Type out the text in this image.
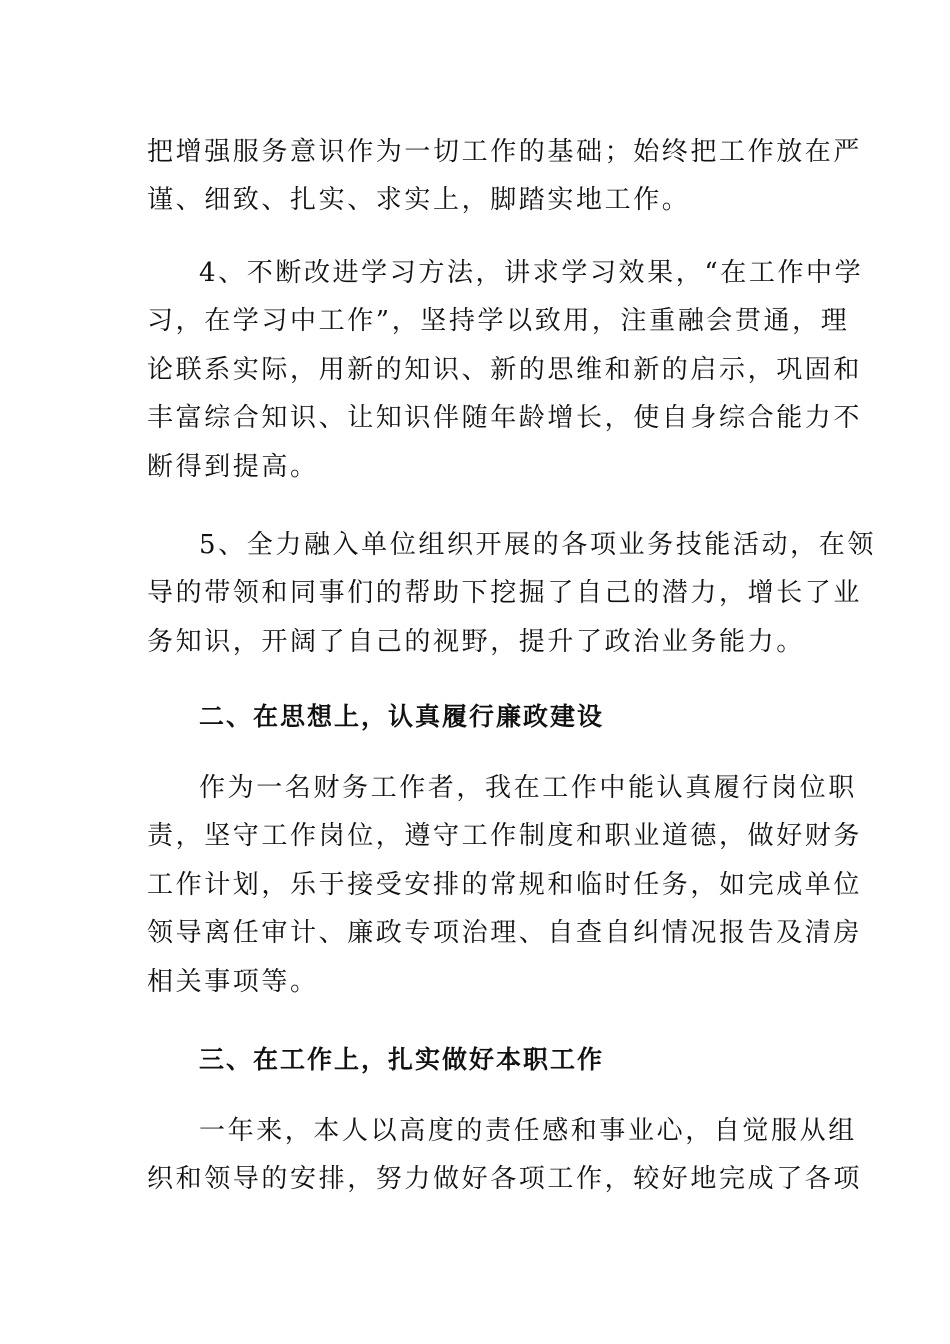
把增强服务意识作为一切工作的基础；始终把工作放在严
谨、细致、扎实、求实上，脚踏实地工作。

4、不断改进学习方法，讲求学习效果，“在工作中学
习，在学习中工作”，坚持学以致用，注重融会贯通，理
论联系实际，用新的知识、新的思维和新的启示，巩固和
丰富综合知识、让知识伴随年龄增长，使自身综合能力不
断得到提高。

5、全力融入单位组织开展的各项业务技能活动，在领
导的带领和同事们的帮助下挖掘了自己的潜力，增长了业
务知识，开阔了自己的视野，提升了政治业务能力。

二、在思想上，认真履行廉政建设

作为一名财务工作者，我在工作中能认真履行岗位职
责，坚守工作岗位，遵守工作制度和职业道德，做好财务
工作计划，乐于接受安排的常规和临时任务，如完成单位
领导离任审计、廉政专项治理、自查自纠情况报告及清房
相关事项等。

三、在工作上，扎实做好本职工作

一年来，本人以高度的责任感和事业心，自觉服从组
织和领导的安排，努力做好各项工作，较好地完成了各项
